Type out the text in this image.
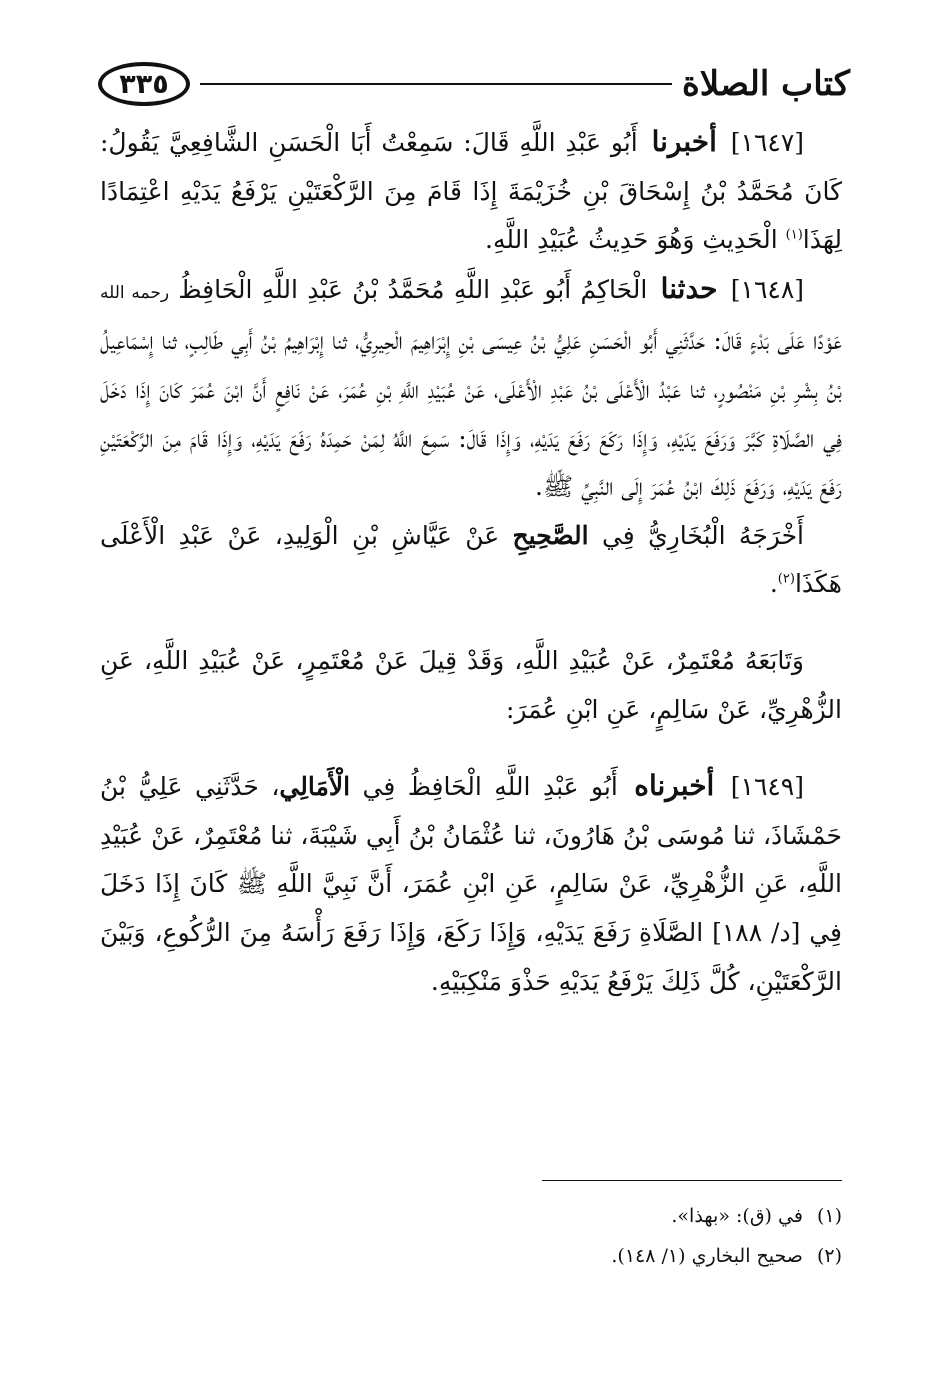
٣٣٥	كتاب الصلاة

[١٦٤٧] أخبرنا أَبُو عَبْدِ اللَّهِ قَالَ: سَمِعْتُ أَبَا الْحَسَنِ الشَّافِعِيَّ يَقُولُ: كَانَ مُحَمَّدُ بْنُ إِسْحَاقَ بْنِ خُزَيْمَةَ إِذَا قَامَ مِنَ الرَّكْعَتَيْنِ يَرْفَعُ يَدَيْهِ اعْتِمَادًا لِهَذَا$^{(١)}$ الْحَدِيثِ وَهُوَ حَدِيثُ عُبَيْدِ اللَّهِ.

[١٦٤٨] حدثنا الْحَاكِمُ أَبُو عَبْدِ اللَّهِ مُحَمَّدُ بْنُ عَبْدِ اللَّهِ الْحَافِظُ رحمه الله عَوْدًا عَلَى بَدْءٍ قَالَ: حَدَّثَنِي أَبُو الْحَسَنِ عَلِيُّ بْنُ عِيسَى بْنِ إِبْرَاهِيمَ الْحِيرِيُّ، ثنا إِبْرَاهِيمُ بْنُ أَبِي طَالِبٍ، ثنا إِسْمَاعِيلُ بْنُ بِشْرِ بْنِ مَنْصُورٍ، ثنا عَبْدُ الْأَعْلَى بْنُ عَبْدِ الْأَعْلَى، عَنْ عُبَيْدِ اللَّهِ بْنِ عُمَرَ، عَنْ نَافِعٍ أَنَّ ابْنَ عُمَرَ كَانَ إِذَا دَخَلَ فِي الصَّلَاةِ كَبَّرَ وَرَفَعَ يَدَيْهِ، وَإِذَا رَكَعَ رَفَعَ يَدَيْهِ، وَإِذَا قَالَ: سَمِعَ اللَّهُ لِمَنْ حَمِدَهُ رَفَعَ يَدَيْهِ، وَإِذَا قَامَ مِنَ الرَّكْعَتَيْنِ رَفَعَ يَدَيْهِ، وَرَفَعَ ذَلِكَ ابْنُ عُمَرَ إِلَى النَّبِيِّ ﷺ.

أَخْرَجَهُ الْبُخَارِيُّ فِي الصَّحِيحِ عَنْ عَيَّاشِ بْنِ الْوَلِيدِ، عَنْ عَبْدِ الْأَعْلَى هَكَذَا$^{(٢)}$.

وَتَابَعَهُ مُعْتَمِرٌ، عَنْ عُبَيْدِ اللَّهِ، وَقَدْ قِيلَ عَنْ مُعْتَمِرٍ، عَنْ عُبَيْدِ اللَّهِ، عَنِ الزُّهْرِيِّ، عَنْ سَالِمٍ، عَنِ ابْنِ عُمَرَ:

[١٦٤٩] أخبرناه أَبُو عَبْدِ اللَّهِ الْحَافِظُ فِي الْأَمَالِي، حَدَّثَنِي عَلِيُّ بْنُ حَمْشَاذَ، ثنا مُوسَى بْنُ هَارُونَ، ثنا عُثْمَانُ بْنُ أَبِي شَيْبَةَ، ثنا مُعْتَمِرٌ، عَنْ عُبَيْدِ اللَّهِ، عَنِ الزُّهْرِيِّ، عَنْ سَالِمٍ، عَنِ ابْنِ عُمَرَ، أَنَّ نَبِيَّ اللَّهِ ﷺ كَانَ إِذَا دَخَلَ فِي [د/ ١٨٨] الصَّلَاةِ رَفَعَ يَدَيْهِ، وَإِذَا رَكَعَ، وَإِذَا رَفَعَ رَأْسَهُ مِنَ الرُّكُوعِ، وَبَيْنَ الرَّكْعَتَيْنِ، كُلَّ ذَلِكَ يَرْفَعُ يَدَيْهِ حَذْوَ مَنْكِبَيْهِ.

(١)
في (ق): «بهذا».
(٢)
صحيح البخاري (١/ ١٤٨).
